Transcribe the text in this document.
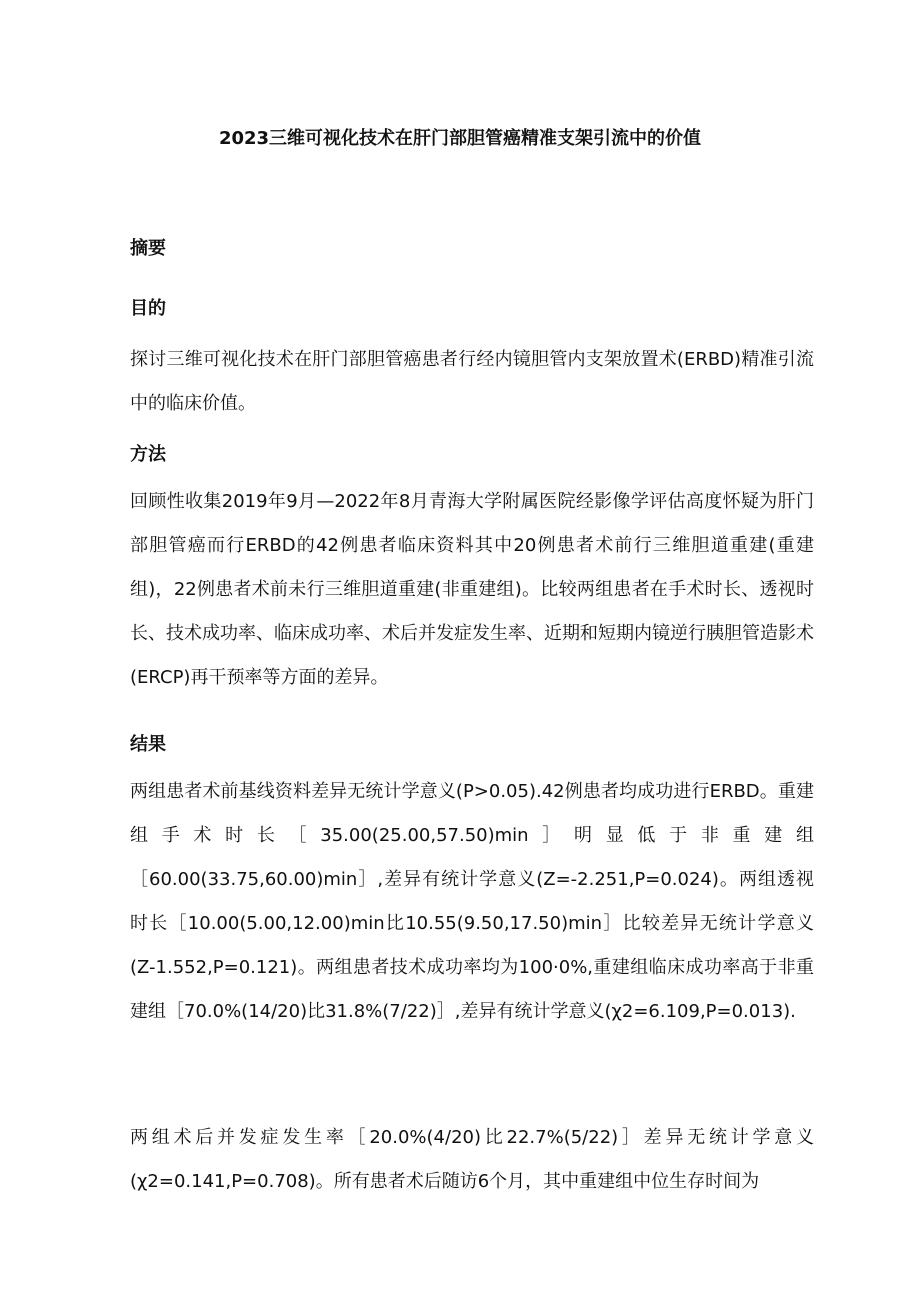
2023三维可视化技术在肝门部胆管癌精准支架引流中的价值
摘要
目的

探讨三维可视化技术在肝门部胆管癌患者行经内镜胆管内支架放置术(ERBD)精准引流中的临床价值。

方法

回顾性收集2019年9月—2022年8月青海大学附属医院经影像学评估高度怀疑为肝门部胆管癌而行ERBD的42例患者临床资料其中20例患者术前行三维胆道重建(重建组)，22例患者术前未行三维胆道重建(非重建组)。比较两组患者在手术时长、透视时长、技术成功率、临床成功率、术后并发症发生率、近期和短期内镜逆行胰胆管造影术(ERCP)再干预率等方面的差异。

结果

两组患者术前基线资料差异无统计学意义(P>0.05).42例患者均成功进行ERBD。重建组手术时长［35.00(25.00,57.50)min］明显低于非重建组［60.00(33.75,60.00)min］,差异有统计学意义(Z=-2.251,P=0.024)。两组透视时长［10.00(5.00,12.00)min比10.55(9.50,17.50)min］比较差异无统计学意义(Z-1.552,P=0.121)。两组患者技术成功率均为100·0%,重建组临床成功率高于非重建组［70.0%(14/20)比31.8%(7/22)］,差异有统计学意义(χ2=6.109,P=0.013).

两组术后并发症发生率［20.0%(4/20)比22.7%(5/22)］差异无统计学意义(χ2=0.141,P=0.708)。所有患者术后随访6个月，其中重建组中位生存时间为
